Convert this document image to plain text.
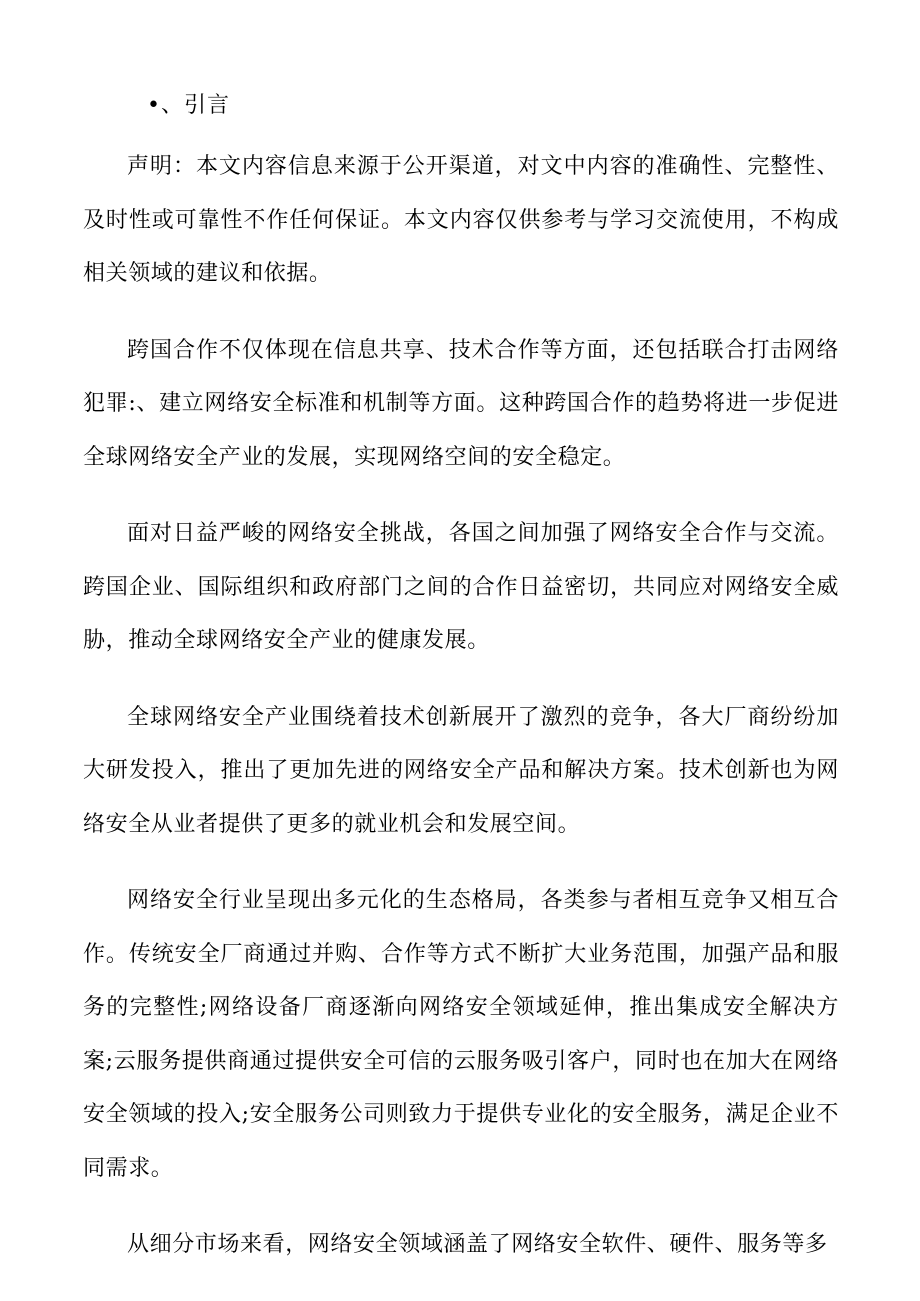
•、引言

声明：本文内容信息来源于公开渠道，对文中内容的准确性、完整性、及时性或可靠性不作任何保证。本文内容仅供参考与学习交流使用，不构成相关领域的建议和依据。

跨国合作不仅体现在信息共享、技术合作等方面，还包括联合打击网络犯罪:、建立网络安全标准和机制等方面。这种跨国合作的趋势将进一步促进全球网络安全产业的发展，实现网络空间的安全稳定。

面对日益严峻的网络安全挑战，各国之间加强了网络安全合作与交流。跨国企业、国际组织和政府部门之间的合作日益密切，共同应对网络安全威胁，推动全球网络安全产业的健康发展。

全球网络安全产业围绕着技术创新展开了激烈的竞争，各大厂商纷纷加大研发投入，推出了更加先进的网络安全产品和解决方案。技术创新也为网络安全从业者提供了更多的就业机会和发展空间。

网络安全行业呈现出多元化的生态格局，各类参与者相互竞争又相互合作。传统安全厂商通过并购、合作等方式不断扩大业务范围，加强产品和服务的完整性;网络设备厂商逐渐向网络安全领域延伸，推出集成安全解决方案;云服务提供商通过提供安全可信的云服务吸引客户，同时也在加大在网络安全领域的投入;安全服务公司则致力于提供专业化的安全服务，满足企业不同需求。

从细分市场来看，网络安全领域涵盖了网络安全软件、硬件、服务等多
